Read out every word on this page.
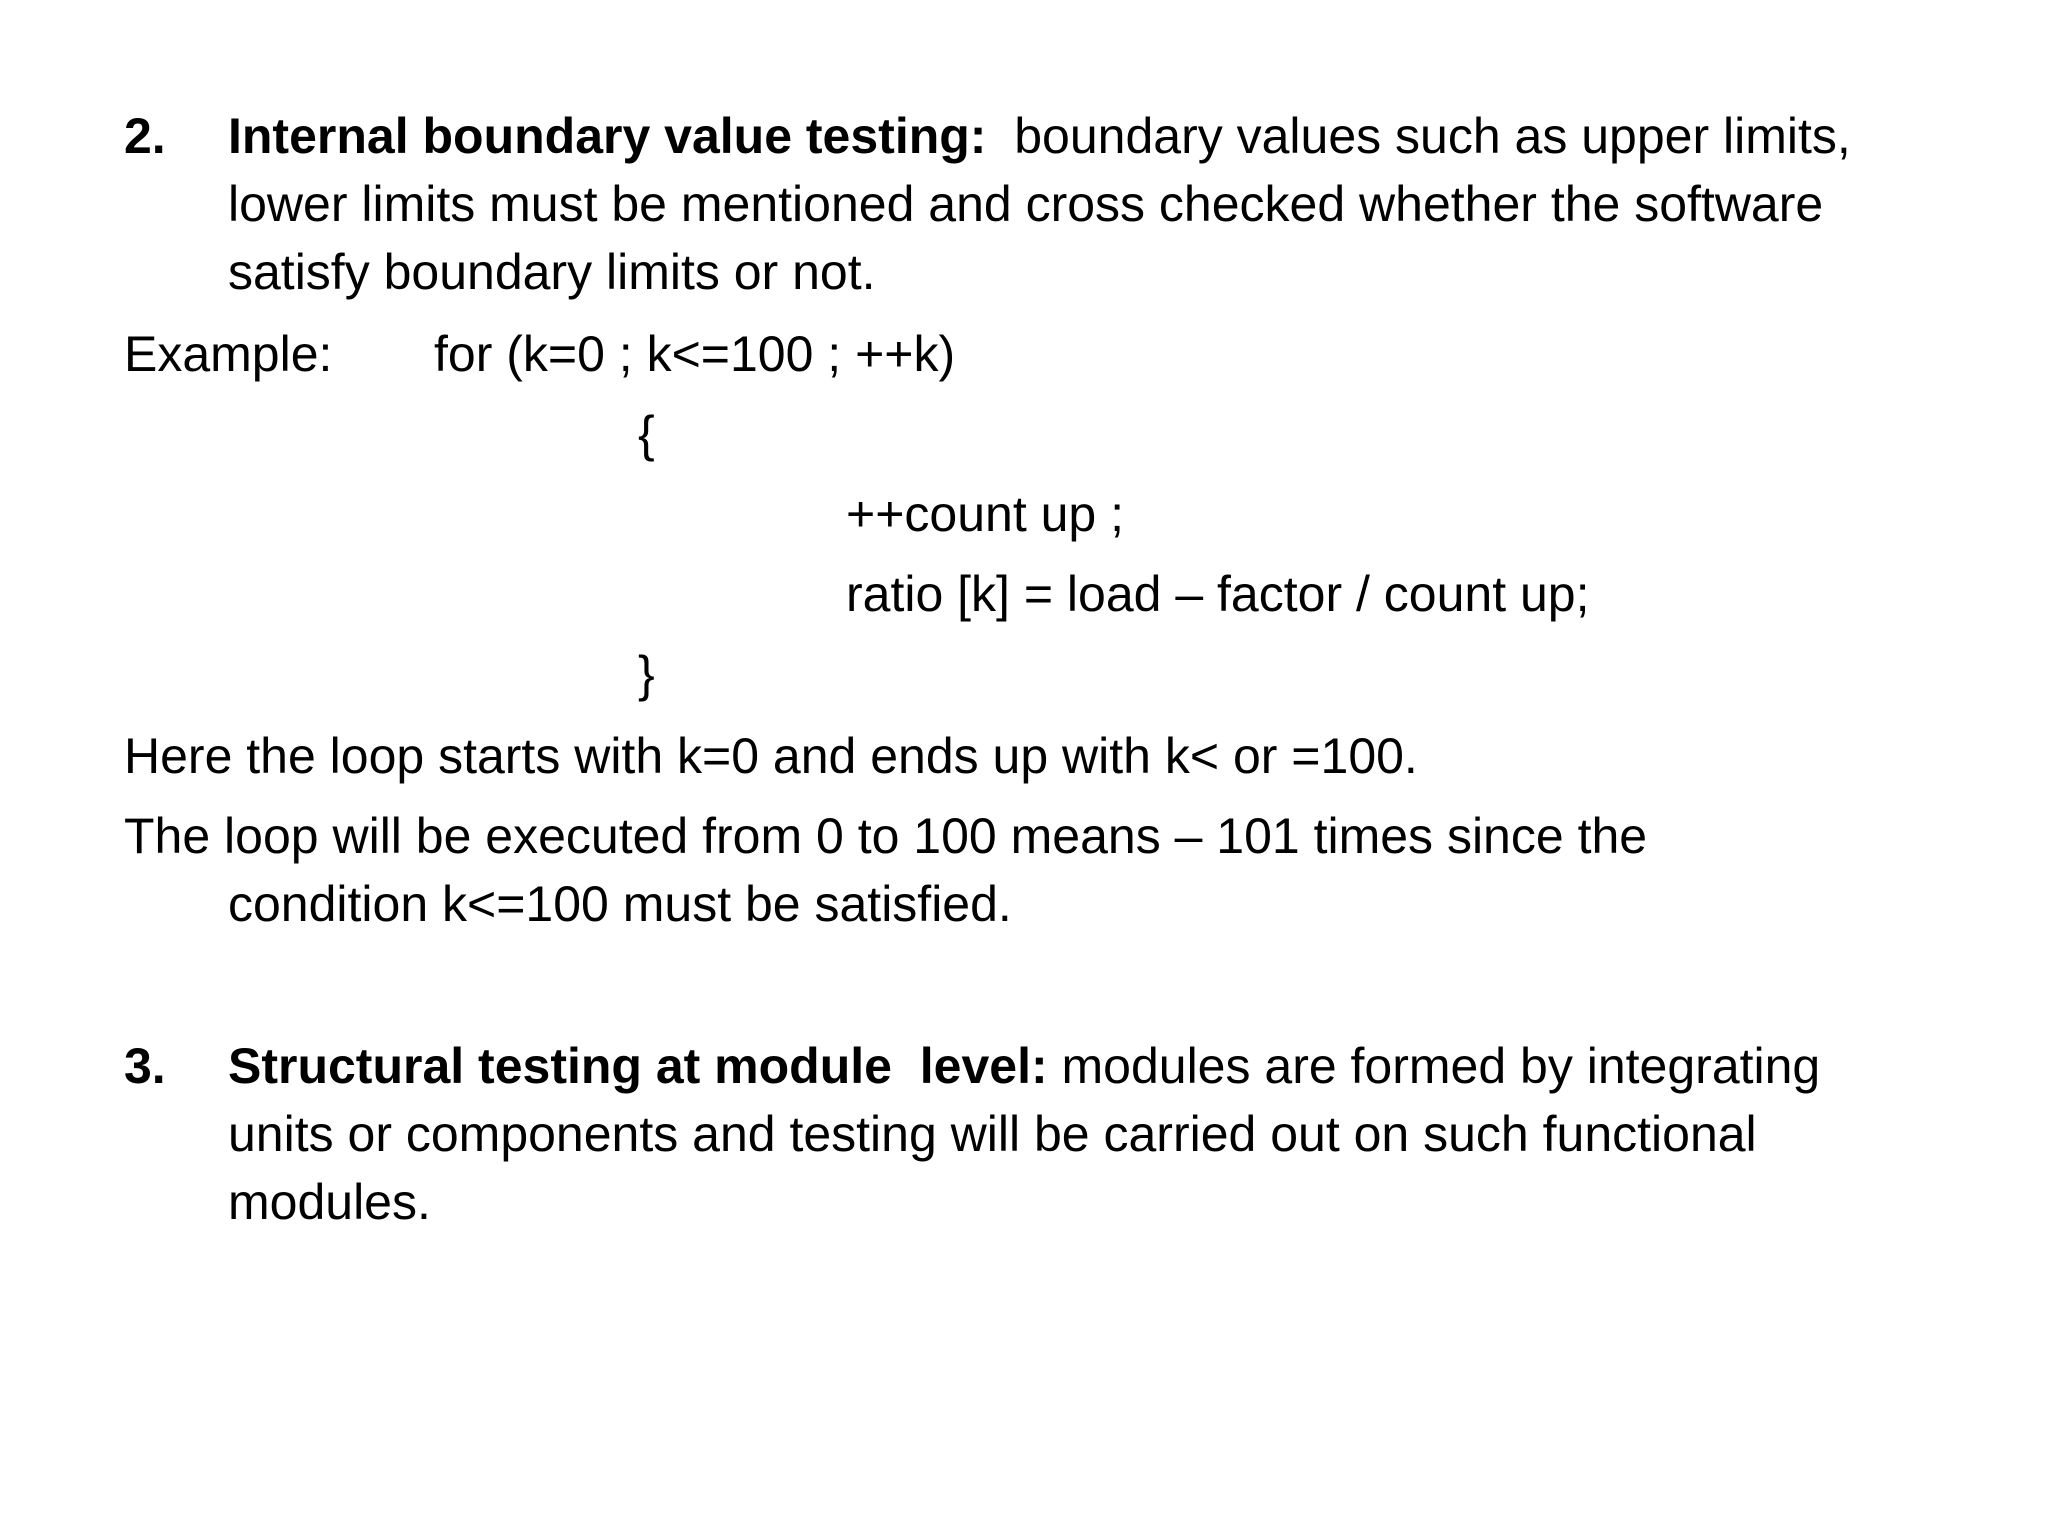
2. Internal boundary value testing:  boundary values such as upper limits,
lower limits must be mentioned and cross checked whether the software
satisfy boundary limits or not.
Example: for (k=0 ; k<=100 ; ++k)
{
++count up ;
ratio [k] = load – factor / count up;
}
Here the loop starts with k=0 and ends up with k< or =100.
The loop will be executed from 0 to 100 means – 101 times since the
condition k<=100 must be satisfied.
3. Structural testing at module  level: modules are formed by integrating
units or components and testing will be carried out on such functional
modules.
